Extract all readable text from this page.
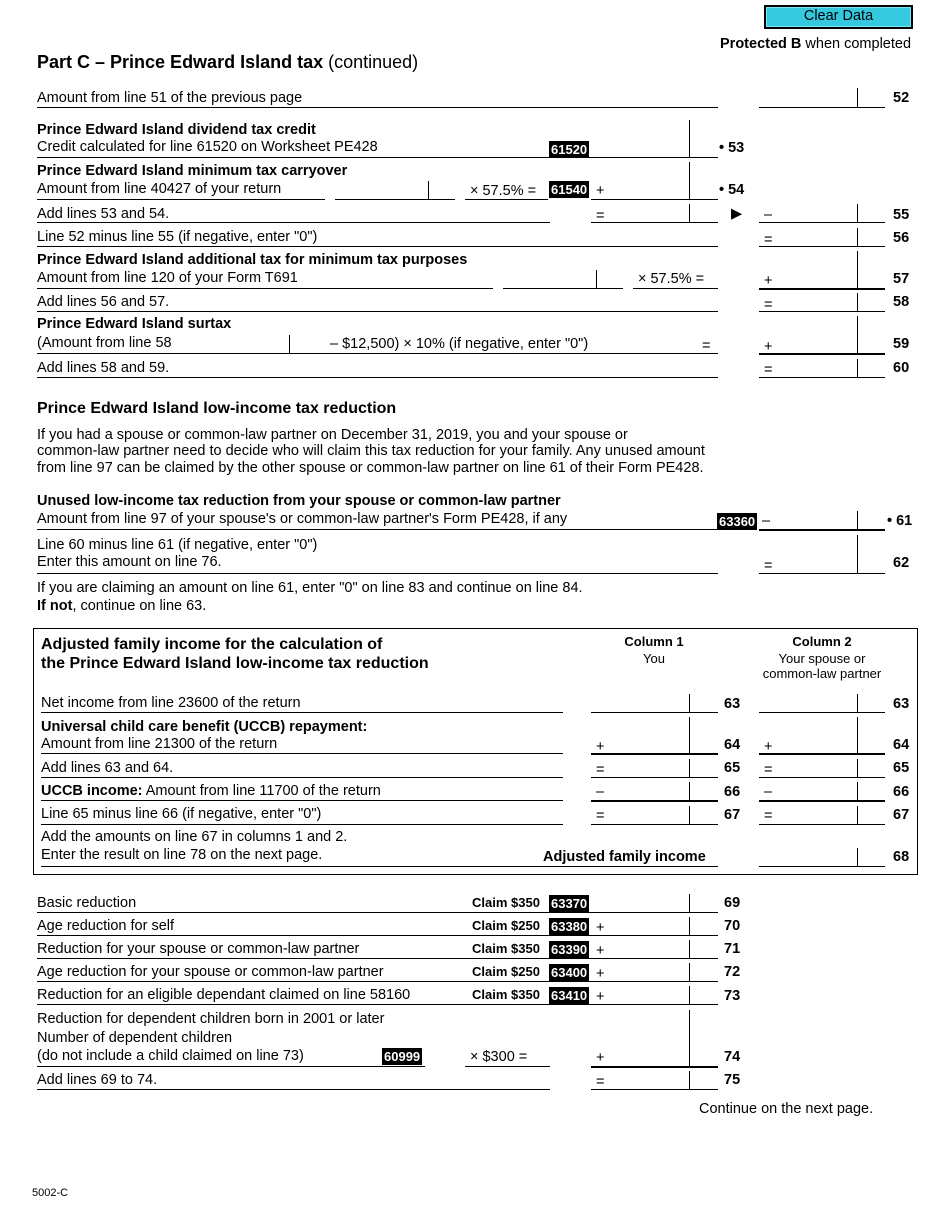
Clear Data
Protected B when completed
Part C – Prince Edward Island tax (continued)
Amount from line 51 of the previous page	52
Prince Edward Island dividend tax credit
Credit calculated for line 61520 on Worksheet PE428	61520	• 53
Prince Edward Island minimum tax carryover
Amount from line 40427 of your return	× 57.5% = 61540 +	• 54
Add lines 53 and 54.	=	▶ –	55
Line 52 minus line 55 (if negative, enter "0")	=	56
Prince Edward Island additional tax for minimum tax purposes
Amount from line 120 of your Form T691	× 57.5% =	+	57
Add lines 56 and 57.	=	58
Prince Edward Island surtax
(Amount from line 58	– $12,500) × 10% (if negative, enter "0")	=	+	59
Add lines 58 and 59.	=	60
Prince Edward Island low-income tax reduction
If you had a spouse or common-law partner on December 31, 2019, you and your spouse or
common-law partner need to decide who will claim this tax reduction for your family. Any unused amount
from line 97 can be claimed by the other spouse or common-law partner on line 61 of their Form PE428.
Unused low-income tax reduction from your spouse or common-law partner
Amount from line 97 of your spouse's or common-law partner's Form PE428, if any	63360 –	• 61
Line 60 minus line 61 (if negative, enter "0")
Enter this amount on line 76.	=	62
If you are claiming an amount on line 61, enter "0" on line 83 and continue on line 84.
If not, continue on line 63.
Adjusted family income for the calculation of
the Prince Edward Island low-income tax reduction
Column 1
You
Column 2
Your spouse or
common-law partner
Net income from line 23600 of the return	63	63
Universal child care benefit (UCCB) repayment:
Amount from line 21300 of the return	+	64 +	64
Add lines 63 and 64.	=	65 =	65
UCCB income: Amount from line 11700 of the return	–	66 –	66
Line 65 minus line 66 (if negative, enter "0")	=	67 =	67
Add the amounts on line 67 in columns 1 and 2.
Enter the result on line 78 on the next page.	Adjusted family income	68
Basic reduction	Claim $350 63370	69
Age reduction for self	Claim $250 63380 +	70
Reduction for your spouse or common-law partner	Claim $350 63390 +	71
Age reduction for your spouse or common-law partner	Claim $250 63400 +	72
Reduction for an eligible dependant claimed on line 58160	Claim $350 63410 +	73
Reduction for dependent children born in 2001 or later
Number of dependent children
(do not include a child claimed on line 73)	60999	× $300 =	+	74
Add lines 69 to 74.	=	75
Continue on the next page.
5002-C
